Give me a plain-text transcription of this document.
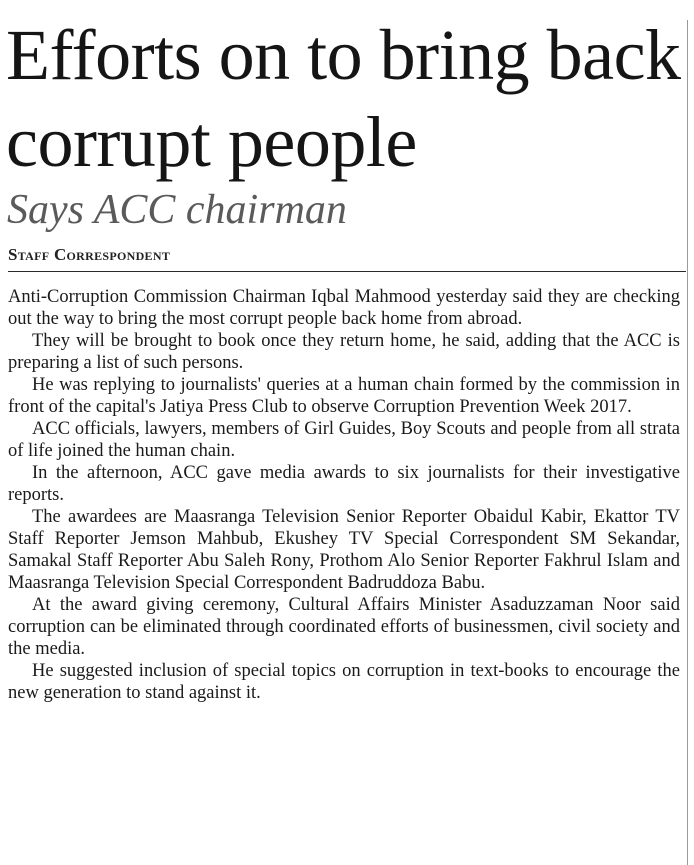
Efforts on to bring back corrupt people
Says ACC chairman
Staff Correspondent

Anti-Corruption Commission Chairman Iqbal Mahmood yesterday said they are checking out the way to bring the most corrupt people back home from abroad.

They will be brought to book once they return home, he said, adding that the ACC is preparing a list of such persons.

He was replying to journalists' queries at a human chain formed by the commission in front of the capital's Jatiya Press Club to observe Corruption Prevention Week 2017.

ACC officials, lawyers, members of Girl Guides, Boy Scouts and people from all strata of life joined the human chain.

In the afternoon, ACC gave media awards to six journalists for their investigative reports.

The awardees are Maasranga Television Senior Reporter Obaidul Kabir, Ekattor TV Staff Reporter Jemson Mahbub, Ekushey TV Special Correspondent SM Sekandar, Samakal Staff Reporter Abu Saleh Rony, Prothom Alo Senior Reporter Fakhrul Islam and Maasranga Television Special Correspondent Badruddoza Babu.

At the award giving ceremony, Cultural Affairs Minister Asaduzzaman Noor said corruption can be eliminated through coordinated efforts of businessmen, civil society and the media.

He suggested inclusion of special topics on corruption in text-books to encourage the new generation to stand against it.
